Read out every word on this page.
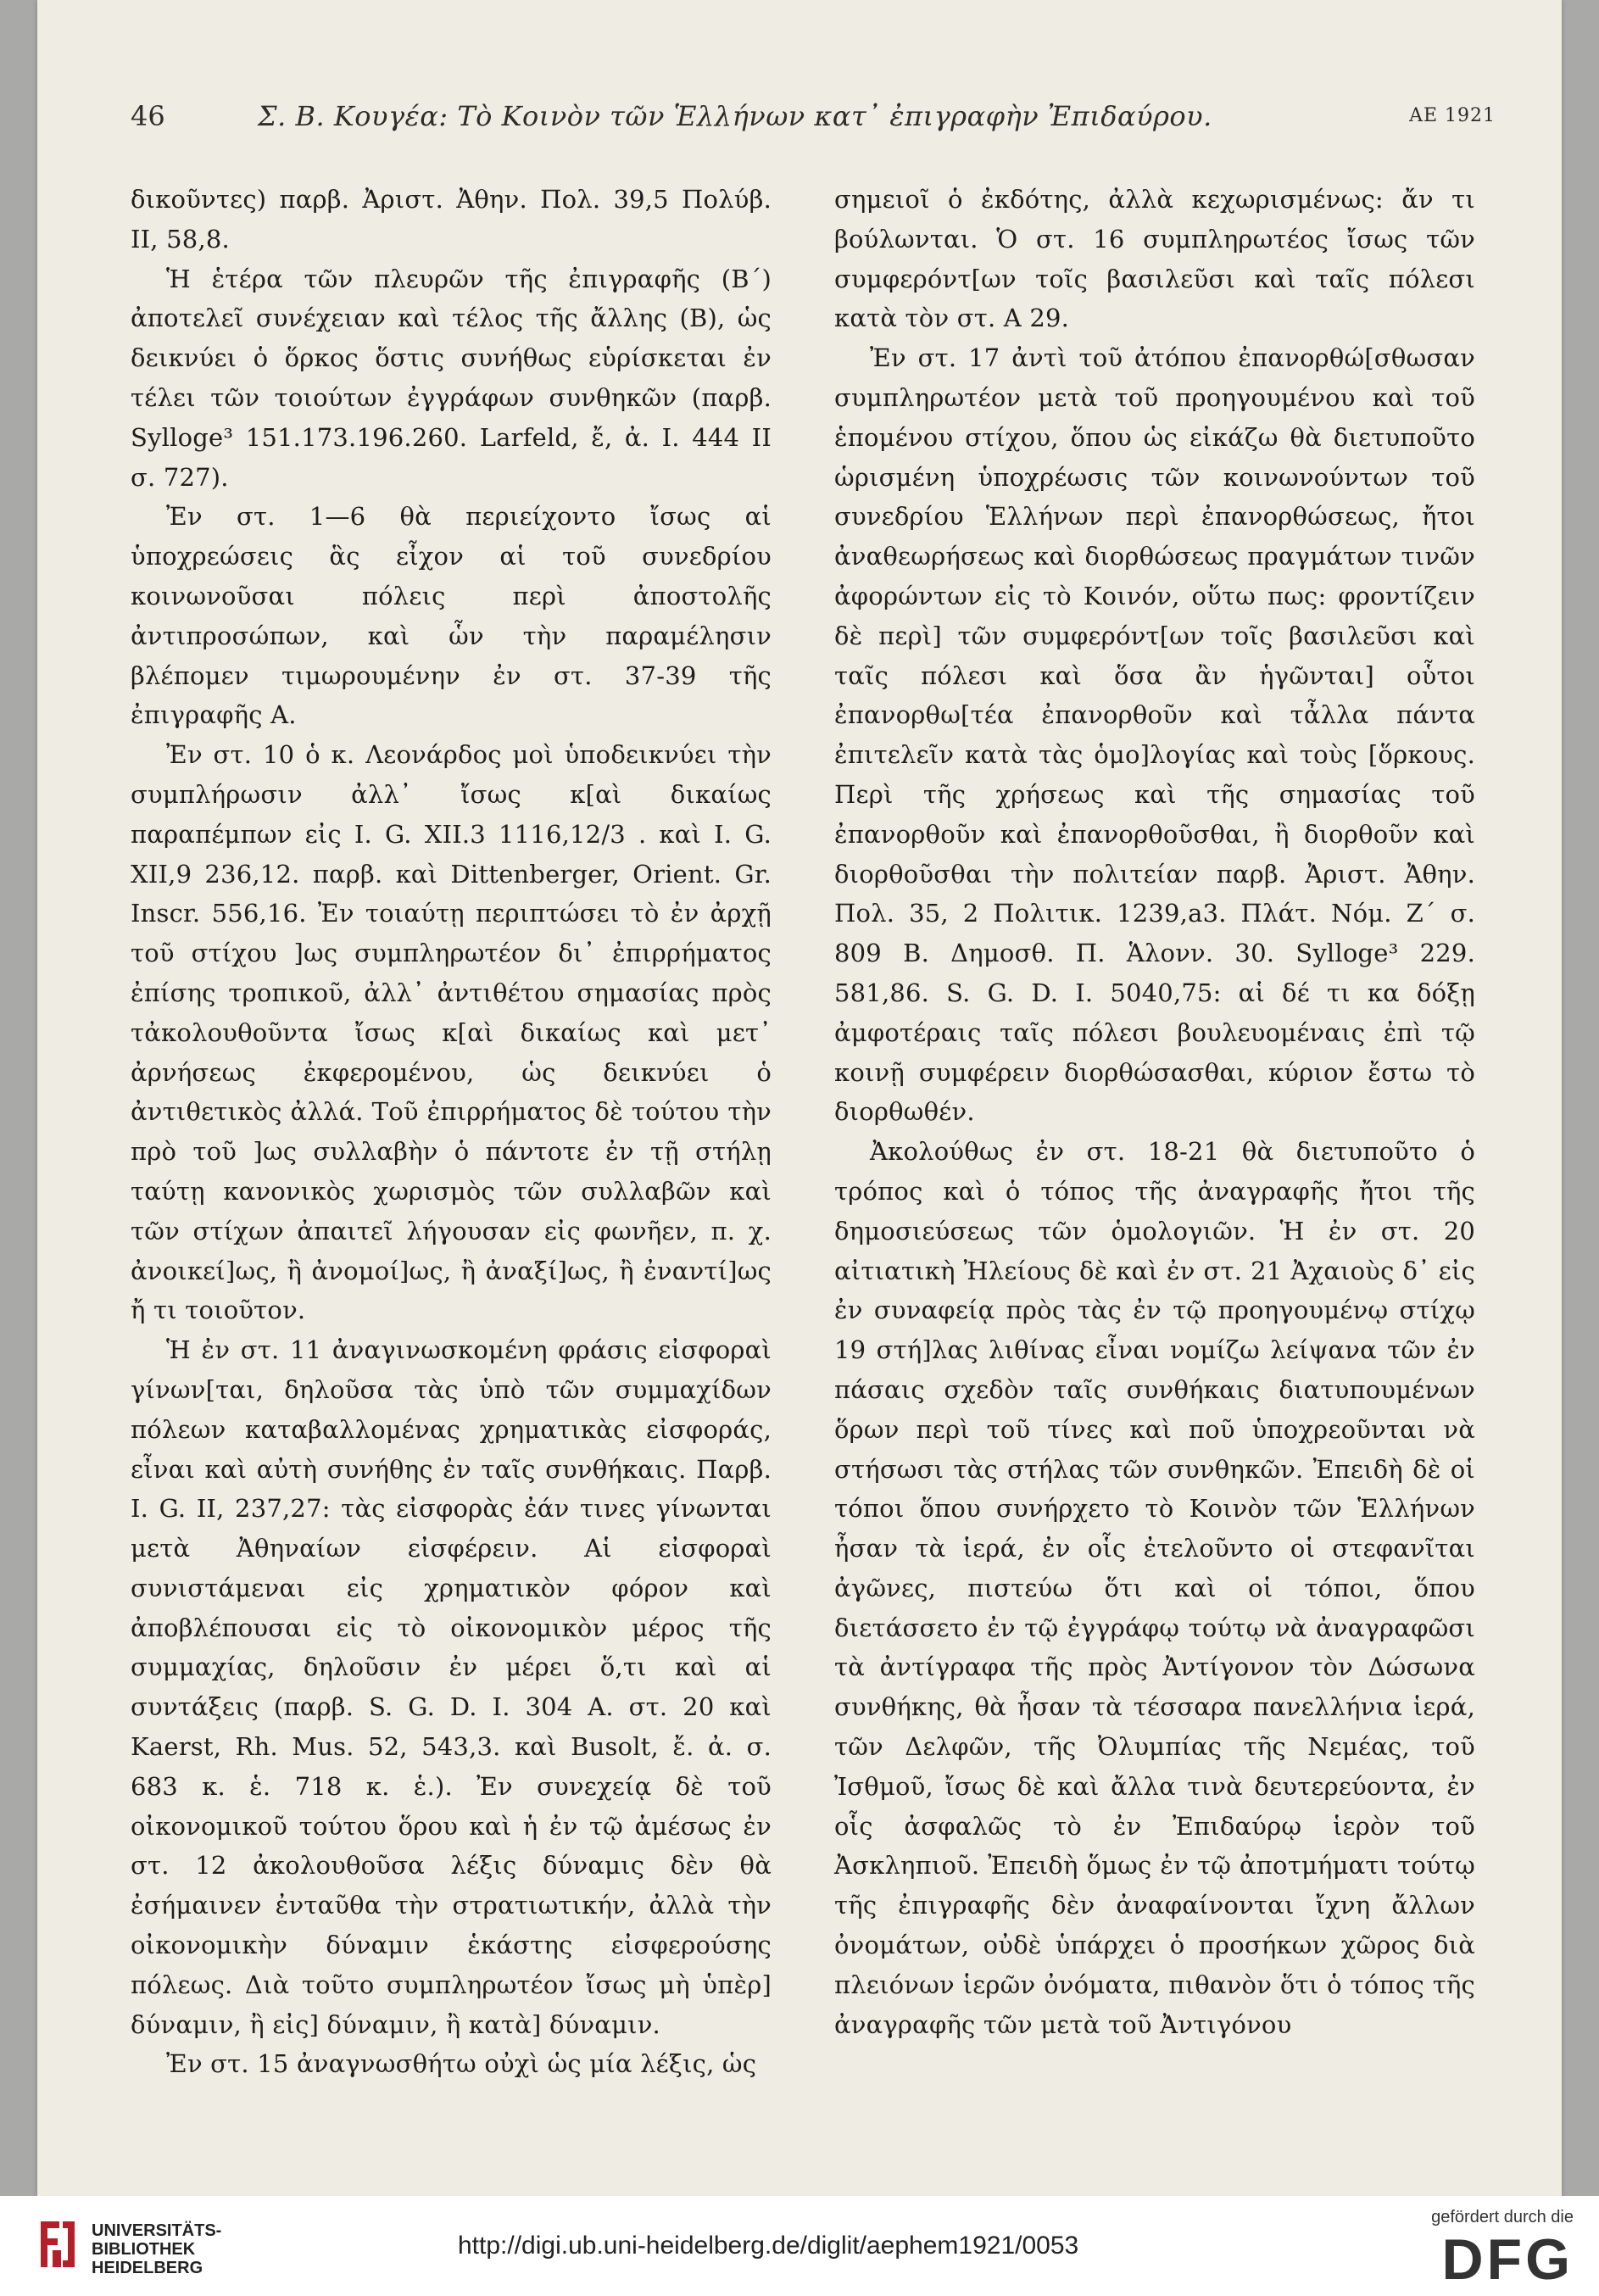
46	Σ. Β. Κουγέα: Τὸ Κοινὸν τῶν Ἑλλήνων κατ᾽ ἐπιγραφὴν Ἐπιδαύρου.	ΑΕ 1921

δικοῦντες) παρβ. Ἀριστ. Ἀθην. Πολ. 39,5 Πολύβ. II, 58,8.

Ἡ ἑτέρα τῶν πλευρῶν τῆς ἐπιγραφῆς (Β´) ἀποτελεῖ συνέχειαν καὶ τέλος τῆς ἄλλης (Β), ὡς δεικνύει ὁ ὅρκος ὅστις συνήθως εὑρίσκεται ἐν τέλει τῶν τοιούτων ἐγγράφων συνθηκῶν (παρβ. Sylloge³ 151.173.196.260. Larfeld, ἔ, ἀ. Ι. 444 II σ. 727).

Ἐν στ. 1—6 θὰ περιείχοντο ἴσως αἱ ὑποχρεώσεις ἃς εἶχον αἱ τοῦ συνεδρίου κοινωνοῦσαι πόλεις περὶ ἀποστολῆς ἀντιπροσώπων, καὶ ὧν τὴν παραμέλησιν βλέπομεν τιμωρουμένην ἐν στ. 37-39 τῆς ἐπιγραφῆς Α.

Ἐν στ. 10 ὁ κ. Λεονάρδος μοὶ ὑποδεικνύει τὴν συμπλήρωσιν ἀλλ᾽ ἴσως κ[αὶ δικαίως παραπέμπων εἰς I. G. XII.3 1116,12/3 . καὶ I. G. XII,9 236,12. παρβ. καὶ Dittenberger, Orient. Gr. Inscr. 556,16. Ἐν τοιαύτῃ περιπτώσει τὸ ἐν ἀρχῇ τοῦ στίχου ]ως συμπληρωτέον δι᾽ ἐπιρρήματος ἐπίσης τροπικοῦ, ἀλλ᾽ ἀντιθέτου σημασίας πρὸς τἀκολουθοῦντα ἴσως κ[αὶ δικαίως καὶ μετ᾽ ἀρνήσεως ἐκφερομένου, ὡς δεικνύει ὁ ἀντιθετικὸς ἀλλά. Τοῦ ἐπιρρήματος δὲ τούτου τὴν πρὸ τοῦ ]ως συλλαβὴν ὁ πάντοτε ἐν τῇ στήλῃ ταύτῃ κανονικὸς χωρισμὸς τῶν συλλαβῶν καὶ τῶν στίχων ἀπαιτεῖ λήγουσαν εἰς φωνῆεν, π. χ. ἀνοικεί]ως, ἢ ἀνομοί]ως, ἢ ἀναξί]ως, ἢ ἐναντί]ως ἤ τι τοιοῦτον.

Ἡ ἐν στ. 11 ἀναγινωσκομένη φράσις εἰσφοραὶ γίνων[ται, δηλοῦσα τὰς ὑπὸ τῶν συμμαχίδων πόλεων καταβαλλομένας χρηματικὰς εἰσφοράς, εἶναι καὶ αὐτὴ συνήθης ἐν ταῖς συνθήκαις. Παρβ. I. G. II, 237,27: τὰς εἰσφορὰς ἐάν τινες γίνωνται μετὰ Ἀθηναίων εἰσφέρειν. Αἱ εἰσφοραὶ συνιστάμεναι εἰς χρηματικὸν φόρον καὶ ἀποβλέπουσαι εἰς τὸ οἰκονομικὸν μέρος τῆς συμμαχίας, δηλοῦσιν ἐν μέρει ὅ,τι καὶ αἱ συντάξεις (παρβ. S. G. D. I. 304 A. στ. 20 καὶ Kaerst, Rh. Mus. 52, 543,3. καὶ Busolt, ἔ. ἀ. σ. 683 κ. ἑ. 718 κ. ἑ.). Ἐν συνεχείᾳ δὲ τοῦ οἰκονομικοῦ τούτου ὅρου καὶ ἡ ἐν τῷ ἀμέσως ἐν στ. 12 ἀκολουθοῦσα λέξις δύναμις δὲν θὰ ἐσήμαινεν ἐνταῦθα τὴν στρατιωτικήν, ἀλλὰ τὴν οἰκονομικὴν δύναμιν ἑκάστης εἰσφερούσης πόλεως. Διὰ τοῦτο συμπληρωτέον ἴσως μὴ ὑπὲρ] δύναμιν, ἢ εἰς] δύναμιν, ἢ κατὰ] δύναμιν.

Ἐν στ. 15 ἀναγνωσθήτω οὐχὶ ὡς μία λέξις, ὡς

σημειοῖ ὁ ἐκδότης, ἀλλὰ κεχωρισμένως: ἄν τι βούλωνται. Ὁ στ. 16 συμπληρωτέος ἴσως τῶν συμφερόντ[ων τοῖς βασιλεῦσι καὶ ταῖς πόλεσι κατὰ τὸν στ. Α 29.

Ἐν στ. 17 ἀντὶ τοῦ ἀτόπου ἐπανορθώ[σθωσαν συμπληρωτέον μετὰ τοῦ προηγουμένου καὶ τοῦ ἑπομένου στίχου, ὅπου ὡς εἰκάζω θὰ διετυποῦτο ὡρισμένη ὑποχρέωσις τῶν κοινωνούντων τοῦ συνεδρίου Ἑλλήνων περὶ ἐπανορθώσεως, ἤτοι ἀναθεωρήσεως καὶ διορθώσεως πραγμάτων τινῶν ἀφορώντων εἰς τὸ Κοινόν, οὕτω πως: φροντίζειν δὲ περὶ] τῶν συμφερόντ[ων τοῖς βασιλεῦσι καὶ ταῖς πόλεσι καὶ ὅσα ἂν ἡγῶνται] οὗτοι ἐπανορθω[τέα ἐπανορθοῦν καὶ τἆλλα πάντα ἐπιτελεῖν κατὰ τὰς ὁμο]λογίας καὶ τοὺς [ὅρκους. Περὶ τῆς χρήσεως καὶ τῆς σημασίας τοῦ ἐπανορθοῦν καὶ ἐπανορθοῦσθαι, ἢ διορθοῦν καὶ διορθοῦσθαι τὴν πολιτείαν παρβ. Ἀριστ. Ἀθην. Πολ. 35, 2 Πολιτικ. 1239,a3. Πλάτ. Νόμ. Ζ´ σ. 809 Β. Δημοσθ. Π. Ἁλονν. 30. Sylloge³ 229. 581,86. S. G. D. I. 5040,75: αἱ δέ τι κα δόξῃ ἀμφοτέραις ταῖς πόλεσι βουλευομέναις ἐπὶ τῷ κοινῇ συμφέρειν διορθώσασθαι, κύριον ἔστω τὸ διορθωθέν.

Ἀκολούθως ἐν στ. 18-21 θὰ διετυποῦτο ὁ τρόπος καὶ ὁ τόπος τῆς ἀναγραφῆς ἤτοι τῆς δημοσιεύσεως τῶν ὁμολογιῶν. Ἡ ἐν στ. 20 αἰτιατικὴ Ἠλείους δὲ καὶ ἐν στ. 21 Ἀχαιοὺς δ᾽ εἰς ἐν συναφείᾳ πρὸς τὰς ἐν τῷ προηγουμένῳ στίχῳ 19 στή]λας λιθίνας εἶναι νομίζω λείψανα τῶν ἐν πάσαις σχεδὸν ταῖς συνθήκαις διατυπουμένων ὅρων περὶ τοῦ τίνες καὶ ποῦ ὑποχρεοῦνται νὰ στήσωσι τὰς στήλας τῶν συνθηκῶν. Ἐπειδὴ δὲ οἱ τόποι ὅπου συνήρχετο τὸ Κοινὸν τῶν Ἑλλήνων ἦσαν τὰ ἱερά, ἐν οἷς ἐτελοῦντο οἱ στεφανῖται ἀγῶνες, πιστεύω ὅτι καὶ οἱ τόποι, ὅπου διετάσσετο ἐν τῷ ἐγγράφῳ τούτῳ νὰ ἀναγραφῶσι τὰ ἀντίγραφα τῆς πρὸς Ἀντίγονον τὸν Δώσωνα συνθήκης, θὰ ἦσαν τὰ τέσσαρα πανελλήνια ἱερά, τῶν Δελφῶν, τῆς Ὀλυμπίας τῆς Νεμέας, τοῦ Ἰσθμοῦ, ἴσως δὲ καὶ ἄλλα τινὰ δευτερεύοντα, ἐν οἷς ἀσφαλῶς τὸ ἐν Ἐπιδαύρῳ ἱερὸν τοῦ Ἀσκληπιοῦ. Ἐπειδὴ ὅμως ἐν τῷ ἀποτμήματι τούτῳ τῆς ἐπιγραφῆς δὲν ἀναφαίνονται ἴχνη ἄλλων ὀνομάτων, οὐδὲ ὑπάρχει ὁ προσήκων χῶρος διὰ πλειόνων ἱερῶν ὀνόματα, πιθανὸν ὅτι ὁ τόπος τῆς ἀναγραφῆς τῶν μετὰ τοῦ Ἀντιγόνου

UNIVERSITÄTS-
BIBLIOTHEK
HEIDELBERG
http://digi.ub.uni-heidelberg.de/diglit/aephem1921/0053
gefördert durch die
DFG
